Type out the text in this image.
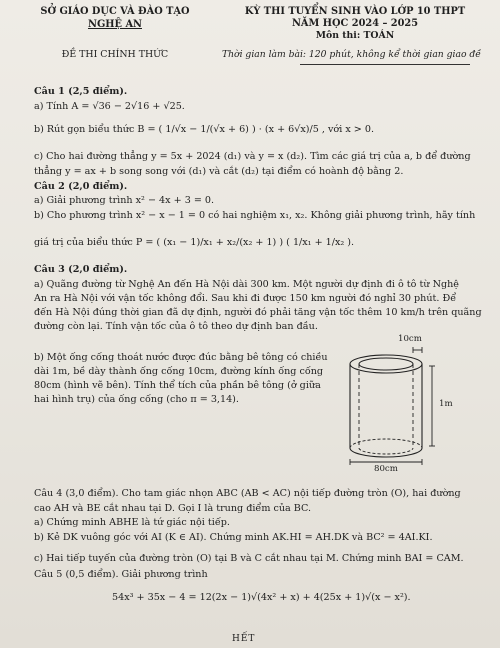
SỞ GIÁO DỤC VÀ ĐÀO TẠO
NGHỆ AN
KỲ THI TUYỂN SINH VÀO LỚP 10 THPT
NĂM HỌC 2024 – 2025
Môn thi: TOÁN
ĐỀ THI CHÍNH THỨC	Thời gian làm bài: 120 phút, không kể thời gian giao đề
Câu 1 (2,5 điểm).
a) Tính A = √36 − 2√16 + √25.
b) Rút gọn biểu thức B = ( 1/√x − 1/(√x + 6) ) · (x + 6√x)/5 , với x > 0.
c) Cho hai đường thẳng y = 5x + 2024 (d₁) và y = x (d₂). Tìm các giá trị của a, b để đường
thẳng y = ax + b song song với (d₁) và cắt (d₂) tại điểm có hoành độ bằng 2.
Câu 2 (2,0 điểm).
a) Giải phương trình x² − 4x + 3 = 0.
b) Cho phương trình x² − x − 1 = 0 có hai nghiệm x₁, x₂. Không giải phương trình, hãy tính
giá trị của biểu thức P = ( (x₁ − 1)/x₁ + x₂/(x₂ + 1) ) ( 1/x₁ + 1/x₂ ).
Câu 3 (2,0 điểm).
a) Quãng đường từ Nghệ An đến Hà Nội dài 300 km. Một người dự định đi ô tô từ Nghệ
An ra Hà Nội với vận tốc không đổi. Sau khi đi được 150 km người đó nghỉ 30 phút. Để
đến Hà Nội đúng thời gian đã dự định, người đó phải tăng vận tốc thêm 10 km/h trên quãng
đường còn lại. Tính vận tốc của ô tô theo dự định ban đầu.
b) Một ống cống thoát nước được đúc bằng bê tông có chiều
dài 1m, bề dày thành ống cống 10cm, đường kính ống cống
80cm (hình vẽ bên). Tính thể tích của phần bê tông (ở giữa
hai hình trụ) của ống cống (cho π = 3,14).
10cm
1m
80cm
Câu 4 (3,0 điểm). Cho tam giác nhọn ABC (AB < AC) nội tiếp đường tròn (O), hai đường
cao AH và BE cắt nhau tại D. Gọi I là trung điểm của BC.
a) Chứng minh ABHE là tứ giác nội tiếp.
b) Kẻ DK vuông góc với AI (K ∈ AI). Chứng minh AK.HI = AH.DK và BC² = 4AI.KI.
c) Hai tiếp tuyến của đường tròn (O) tại B và C cắt nhau tại M. Chứng minh BAI = CAM.
Câu 5 (0,5 điểm). Giải phương trình
54x³ + 35x − 4 = 12(2x − 1)√(4x² + x) + 4(25x + 1)√(x − x²).
HẾT
